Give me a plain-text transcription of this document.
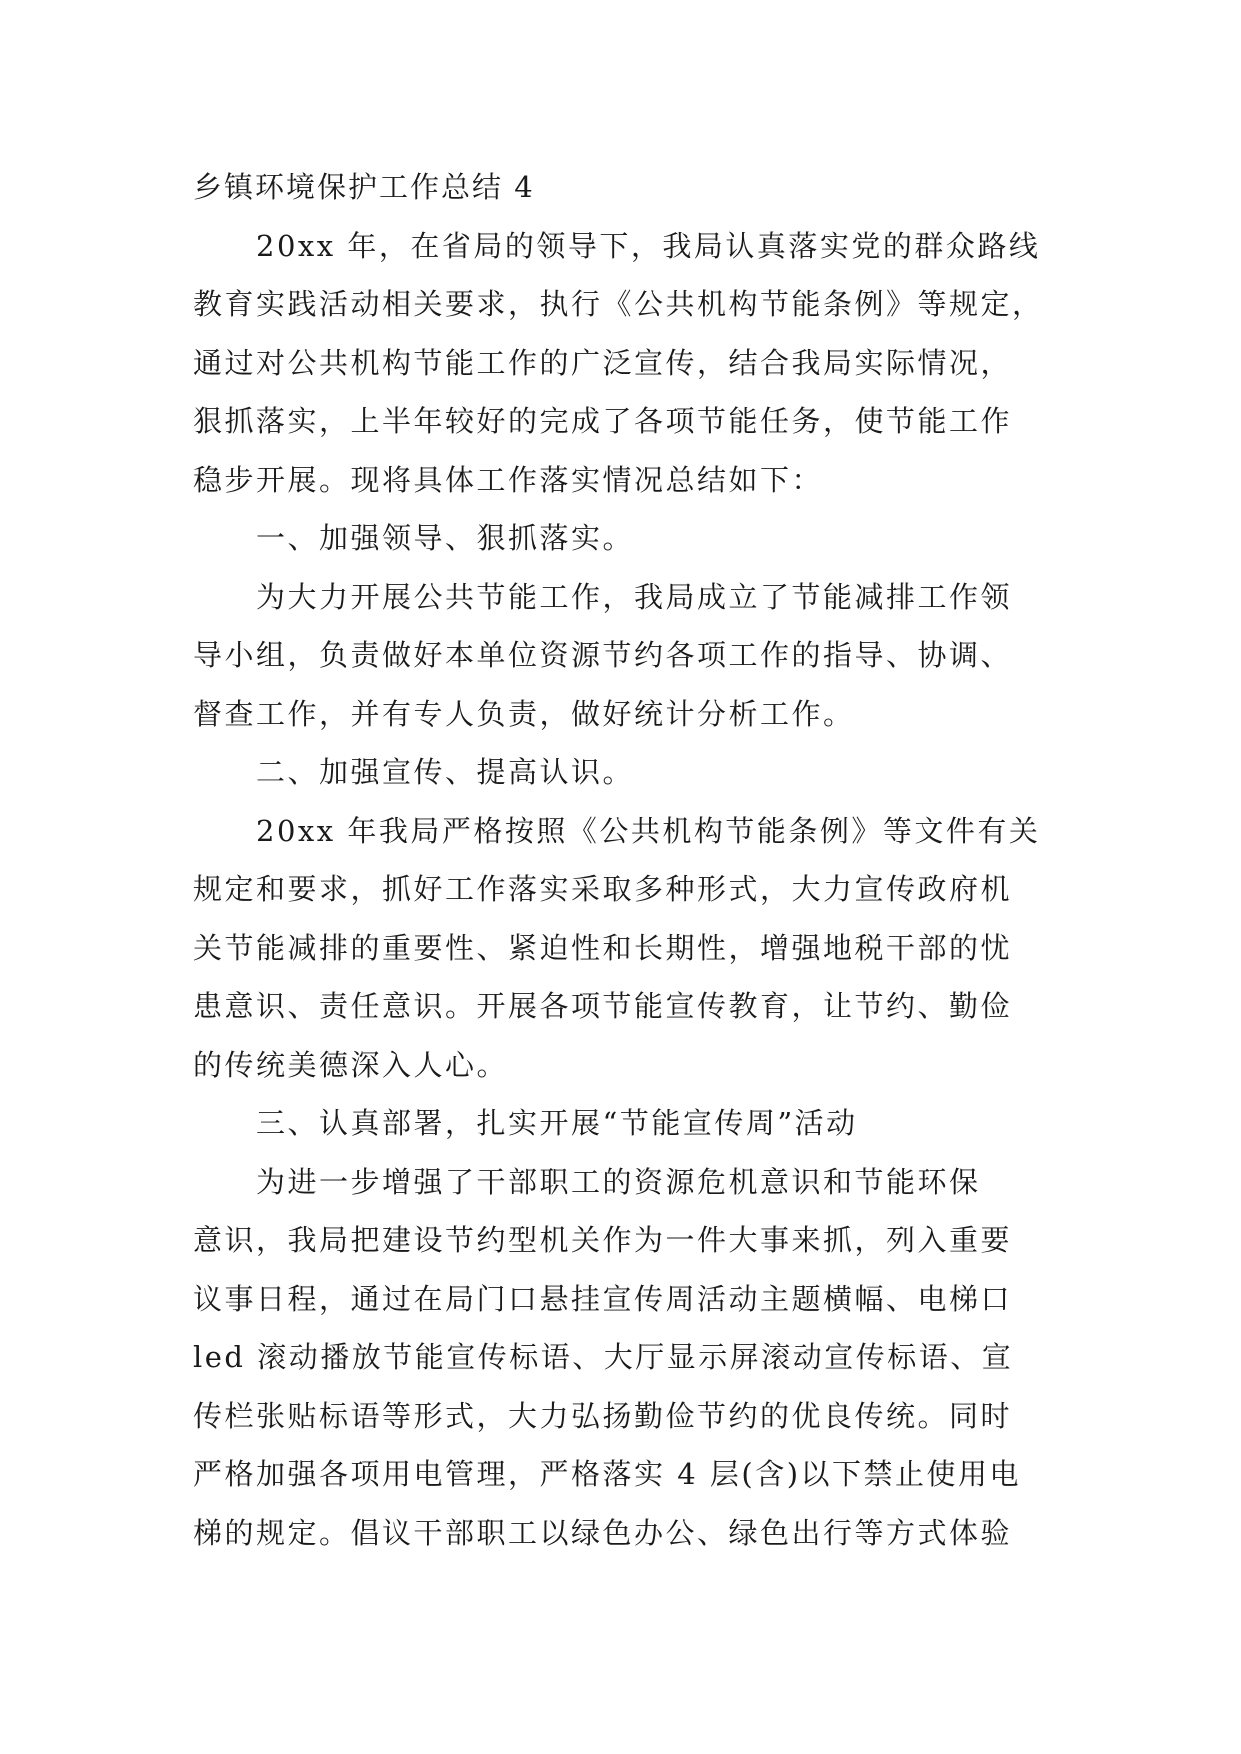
乡镇环境保护工作总结 4
20xx 年，在省局的领导下，我局认真落实党的群众路线
教育实践活动相关要求，执行《公共机构节能条例》等规定，
通过对公共机构节能工作的广泛宣传，结合我局实际情况，
狠抓落实，上半年较好的完成了各项节能任务，使节能工作
稳步开展。现将具体工作落实情况总结如下：
一、加强领导、狠抓落实。
为大力开展公共节能工作，我局成立了节能减排工作领
导小组，负责做好本单位资源节约各项工作的指导、协调、
督查工作，并有专人负责，做好统计分析工作。
二、加强宣传、提高认识。
20xx 年我局严格按照《公共机构节能条例》等文件有关
规定和要求，抓好工作落实采取多种形式，大力宣传政府机
关节能减排的重要性、紧迫性和长期性，增强地税干部的忧
患意识、责任意识。开展各项节能宣传教育，让节约、勤俭
的传统美德深入人心。
三、认真部署，扎实开展“节能宣传周”活动
为进一步增强了干部职工的资源危机意识和节能环保
意识，我局把建设节约型机关作为一件大事来抓，列入重要
议事日程，通过在局门口悬挂宣传周活动主题横幅、电梯口
led 滚动播放节能宣传标语、大厅显示屏滚动宣传标语、宣
传栏张贴标语等形式，大力弘扬勤俭节约的优良传统。同时
严格加强各项用电管理，严格落实 4 层(含)以下禁止使用电
梯的规定。倡议干部职工以绿色办公、绿色出行等方式体验
